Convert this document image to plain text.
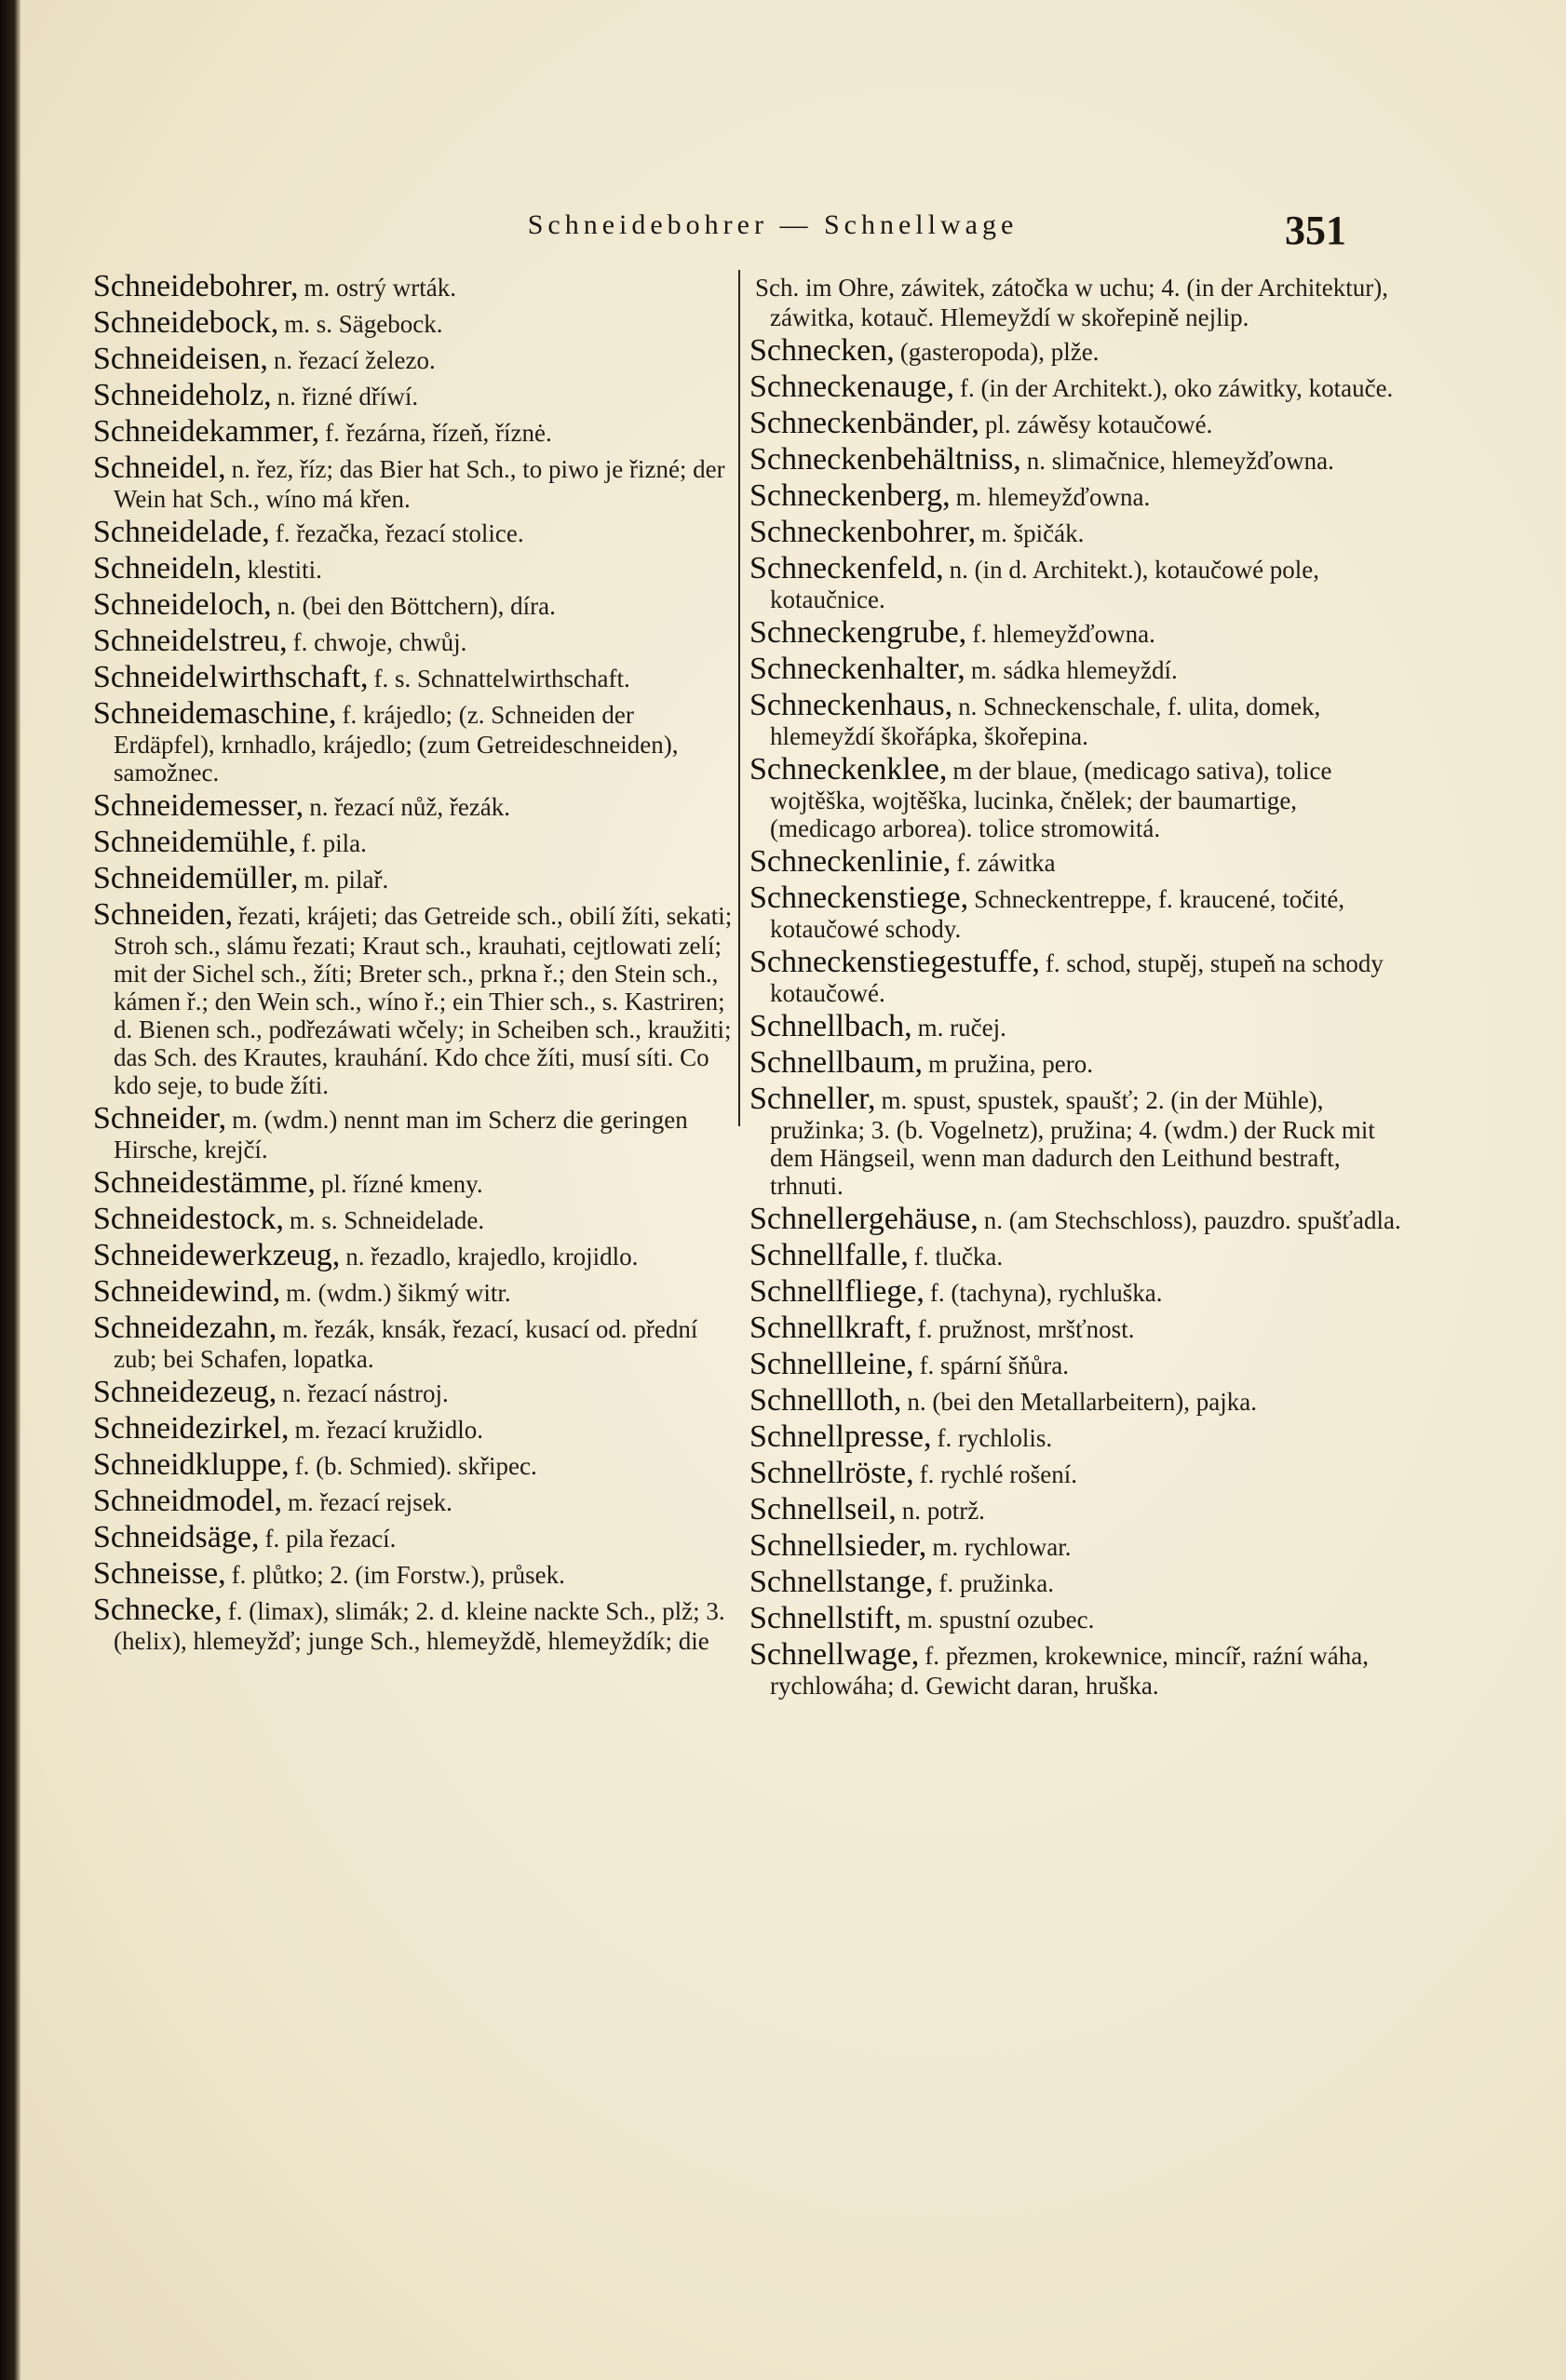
Schneidebohrer — Schnellwage	351
Schneidebohrer, m. ostrý wrták.
Schneidebock, m. s. Sägebock.
Schneideisen, n. řezací železo.
Schneideholz, n. řizné dříwí.
Schneidekammer, f. řezárna, řízeň, říznė.
Schneidel, n. řez, říz; das Bier hat Sch., to piwo je řizné; der Wein hat Sch., wíno má křen.
Schneidelade, f. řezačka, řezací stolice.
Schneideln, klestiti.
Schneideloch, n. (bei den Böttchern), díra.
Schneidelstreu, f. chwoje, chwůj.
Schneidelwirthschaft, f. s. Schnattelwirthschaft.
Schneidemaschine, f. krájedlo; (z. Schneiden der Erdäpfel), krnhadlo, krájedlo; (zum Getreideschneiden), samožnec.
Schneidemesser, n. řezací nůž, řezák.
Schneidemühle, f. pila.
Schneidemüller, m. pilař.
Schneiden, řezati, krájeti; das Getreide sch., obilí žíti, sekati; Stroh sch., slámu řezati; Kraut sch., krauhati, cejtlowati zelí; mit der Sichel sch., žíti; Breter sch., prkna ř.; den Stein sch., kámen ř.; den Wein sch., wíno ř.; ein Thier sch., s. Kastriren; d. Bienen sch., podřezáwati wčely; in Scheiben sch., kraužiti; das Sch. des Krautes, krauhání. Kdo chce žíti, musí síti. Co kdo seje, to bude žíti.
Schneider, m. (wdm.) nennt man im Scherz die geringen Hirsche, krejčí.
Schneidestämme, pl. řízné kmeny.
Schneidestock, m. s. Schneidelade.
Schneidewerkzeug, n. řezadlo, krajedlo, krojidlo.
Schneidewind, m. (wdm.) šikmý witr.
Schneidezahn, m. řezák, knsák, řezací, kusací od. přední zub; bei Schafen, lopatka.
Schneidezeug, n. řezací nástroj.
Schneidezirkel, m. řezací kružidlo.
Schneidkluppe, f. (b. Schmied). skřipec.
Schneidmodel, m. řezací rejsek.
Schneidsäge, f. pila řezací.
Schneisse, f. plůtko; 2. (im Forstw.), průsek.
Schnecke, f. (limax), slimák; 2. d. kleine nackte Sch., plž; 3. (helix), hlemeyžď; junge Sch., hlemeyždě, hlemeyždík; die
Sch. im Ohre, záwitek, zátočka w uchu; 4. (in der Architektur), záwitka, kotauč. Hlemeyždí w skořepině nejlip.
Schnecken, (gasteropoda), plže.
Schneckenauge, f. (in der Architekt.), oko záwitky, kotauče.
Schneckenbänder, pl. záwěsy kotaučowé.
Schneckenbehältniss, n. slimačnice, hlemeyžďowna.
Schneckenberg, m. hlemeyžďowna.
Schneckenbohrer, m. špičák.
Schneckenfeld, n. (in d. Architekt.), kotaučowé pole, kotaučnice.
Schneckengrube, f. hlemeyžďowna.
Schneckenhalter, m. sádka hlemeyždí.
Schneckenhaus, n. Schneckenschale, f. ulita, domek, hlemeyždí škořápka, škořepina.
Schneckenklee, m der blaue, (medicago sativa), tolice wojtěška, wojtěška, lucinka, čnělek; der baumartige, (medicago arborea). tolice stromowitá.
Schneckenlinie, f. záwitka
Schneckenstiege, Schneckentreppe, f. kraucené, točité, kotaučowé schody.
Schneckenstiegestuffe, f. schod, stupěj, stupeň na schody kotaučowé.
Schnellbach, m. ručej.
Schnellbaum, m pružina, pero.
Schneller, m. spust, spustek, spaušť; 2. (in der Mühle), pružinka; 3. (b. Vogelnetz), pružina; 4. (wdm.) der Ruck mit dem Hängseil, wenn man dadurch den Leithund bestraft, trhnuti.
Schnellergehäuse, n. (am Stechschloss), pauzdro. spušťadla.
Schnellfalle, f. tlučka.
Schnellfliege, f. (tachyna), rychluška.
Schnellkraft, f. pružnost, mršťnost.
Schnellleine, f. spární šňůra.
Schnellloth, n. (bei den Metallarbeitern), pajka.
Schnellpresse, f. rychlolis.
Schnellröste, f. rychlé rošení.
Schnellseil, n. potrž.
Schnellsieder, m. rychlowar.
Schnellstange, f. pružinka.
Schnellstift, m. spustní ozubec.
Schnellwage, f. přezmen, krokewnice, mincíř, raźní wáha, rychlowáha; d. Gewicht daran, hruška.
